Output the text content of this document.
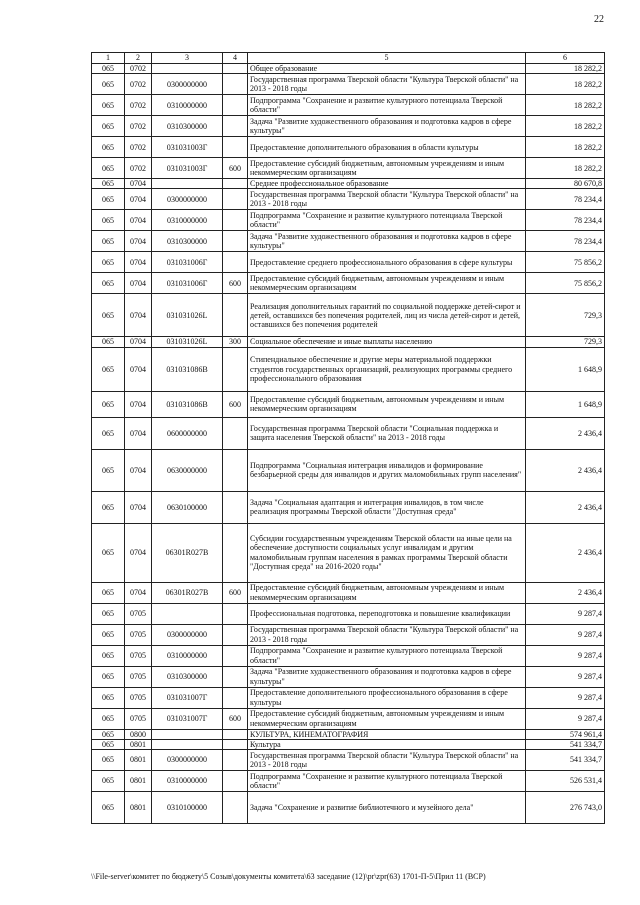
22
1	2	3	4	5	6
065	0702			Общее образование	18 282,2
065	0702	0300000000		Государственная программа Тверской области "Культура Тверской области" на 2013 - 2018 годы	18 282,2
065	0702	0310000000		Подпрограмма "Сохранение и развитие культурного потенциала Тверской области"	18 282,2
065	0702	0310300000		Задача "Развитие художественного образования и подготовка кадров в сфере культуры"	18 282,2
065	0702	031031003Г		Предоставление дополнительного образования в области культуры	18 282,2
065	0702	031031003Г	600	Предоставление субсидий бюджетным, автономным учреждениям и иным некоммерческим организациям	18 282,2
065	0704			Среднее профессиональное образование	80 670,8
065	0704	0300000000		Государственная программа Тверской области "Культура Тверской области" на 2013 - 2018 годы	78 234,4
065	0704	0310000000		Подпрограмма "Сохранение и развитие культурного потенциала Тверской области"	78 234,4
065	0704	0310300000		Задача "Развитие художественного образования и подготовка кадров в сфере культуры"	78 234,4
065	0704	031031006Г		Предоставление среднего профессионального образования в сфере культуры	75 856,2
065	0704	031031006Г	600	Предоставление субсидий бюджетным, автономным учреждениям и иным некоммерческим организациям	75 856,2
065	0704	031031026L		Реализация дополнительных гарантий по социальной поддержке детей-сирот и детей, оставшихся без попечения родителей, лиц из числа детей-сирот и детей, оставшихся без попечения родителей	729,3
065	0704	031031026L	300	Социальное обеспечение и иные выплаты населению	729,3
065	0704	031031086В		Стипендиальное обеспечение и другие меры материальной поддержки студентов государственных организаций, реализующих программы среднего профессионального образования	1 648,9
065	0704	031031086В	600	Предоставление субсидий бюджетным, автономным учреждениям и иным некоммерческим организациям	1 648,9
065	0704	0600000000		Государственная программа Тверской области "Социальная поддержка и защита населения Тверской области" на 2013 - 2018 годы	2 436,4
065	0704	0630000000		Подпрограмма "Социальная интеграция инвалидов и формирование безбарьерной среды для инвалидов и других маломобильных групп населения"	2 436,4
065	0704	0630100000		Задача "Социальная адаптация и интеграция инвалидов, в том числе реализация программы Тверской области "Доступная среда"	2 436,4
065	0704	06301R027В		Субсидии государственным учреждениям Тверской области на иные цели на обеспечение доступности социальных услуг инвалидам и другим маломобильным группам населения в рамках программы Тверской области "Доступная среда" на 2016-2020 годы"	2 436,4
065	0704	06301R027В	600	Предоставление субсидий бюджетным, автономным учреждениям и иным некоммерческим организациям	2 436,4
065	0705			Профессиональная подготовка, переподготовка и повышение квалификации	9 287,4
065	0705	0300000000		Государственная программа Тверской области "Культура Тверской области" на 2013 - 2018 годы	9 287,4
065	0705	0310000000		Подпрограмма "Сохранение и развитие культурного потенциала Тверской области"	9 287,4
065	0705	0310300000		Задача "Развитие художественного образования и подготовка кадров в сфере культуры"	9 287,4
065	0705	031031007Г		Предоставление дополнительного профессионального образования в сфере культуры	9 287,4
065	0705	031031007Г	600	Предоставление субсидий бюджетным, автономным учреждениям и иным некоммерческим организациям	9 287,4
065	0800			КУЛЬТУРА, КИНЕМАТОГРАФИЯ	574 961,4
065	0801			Культура	541 334,7
065	0801	0300000000		Государственная программа Тверской области "Культура Тверской области" на 2013 - 2018 годы	541 334,7
065	0801	0310000000		Подпрограмма "Сохранение и развитие культурного потенциала Тверской области"	526 531,4
065	0801	0310100000		Задача "Сохранение и развитие библиотечного и музейного дела"	276 743,0
\\File-server\комитет по бюджету\5 Созыв\документы комитета\63 заседание (12)\pr\zpr(63) 1701-П-5\Прил 11 (ВСР)
